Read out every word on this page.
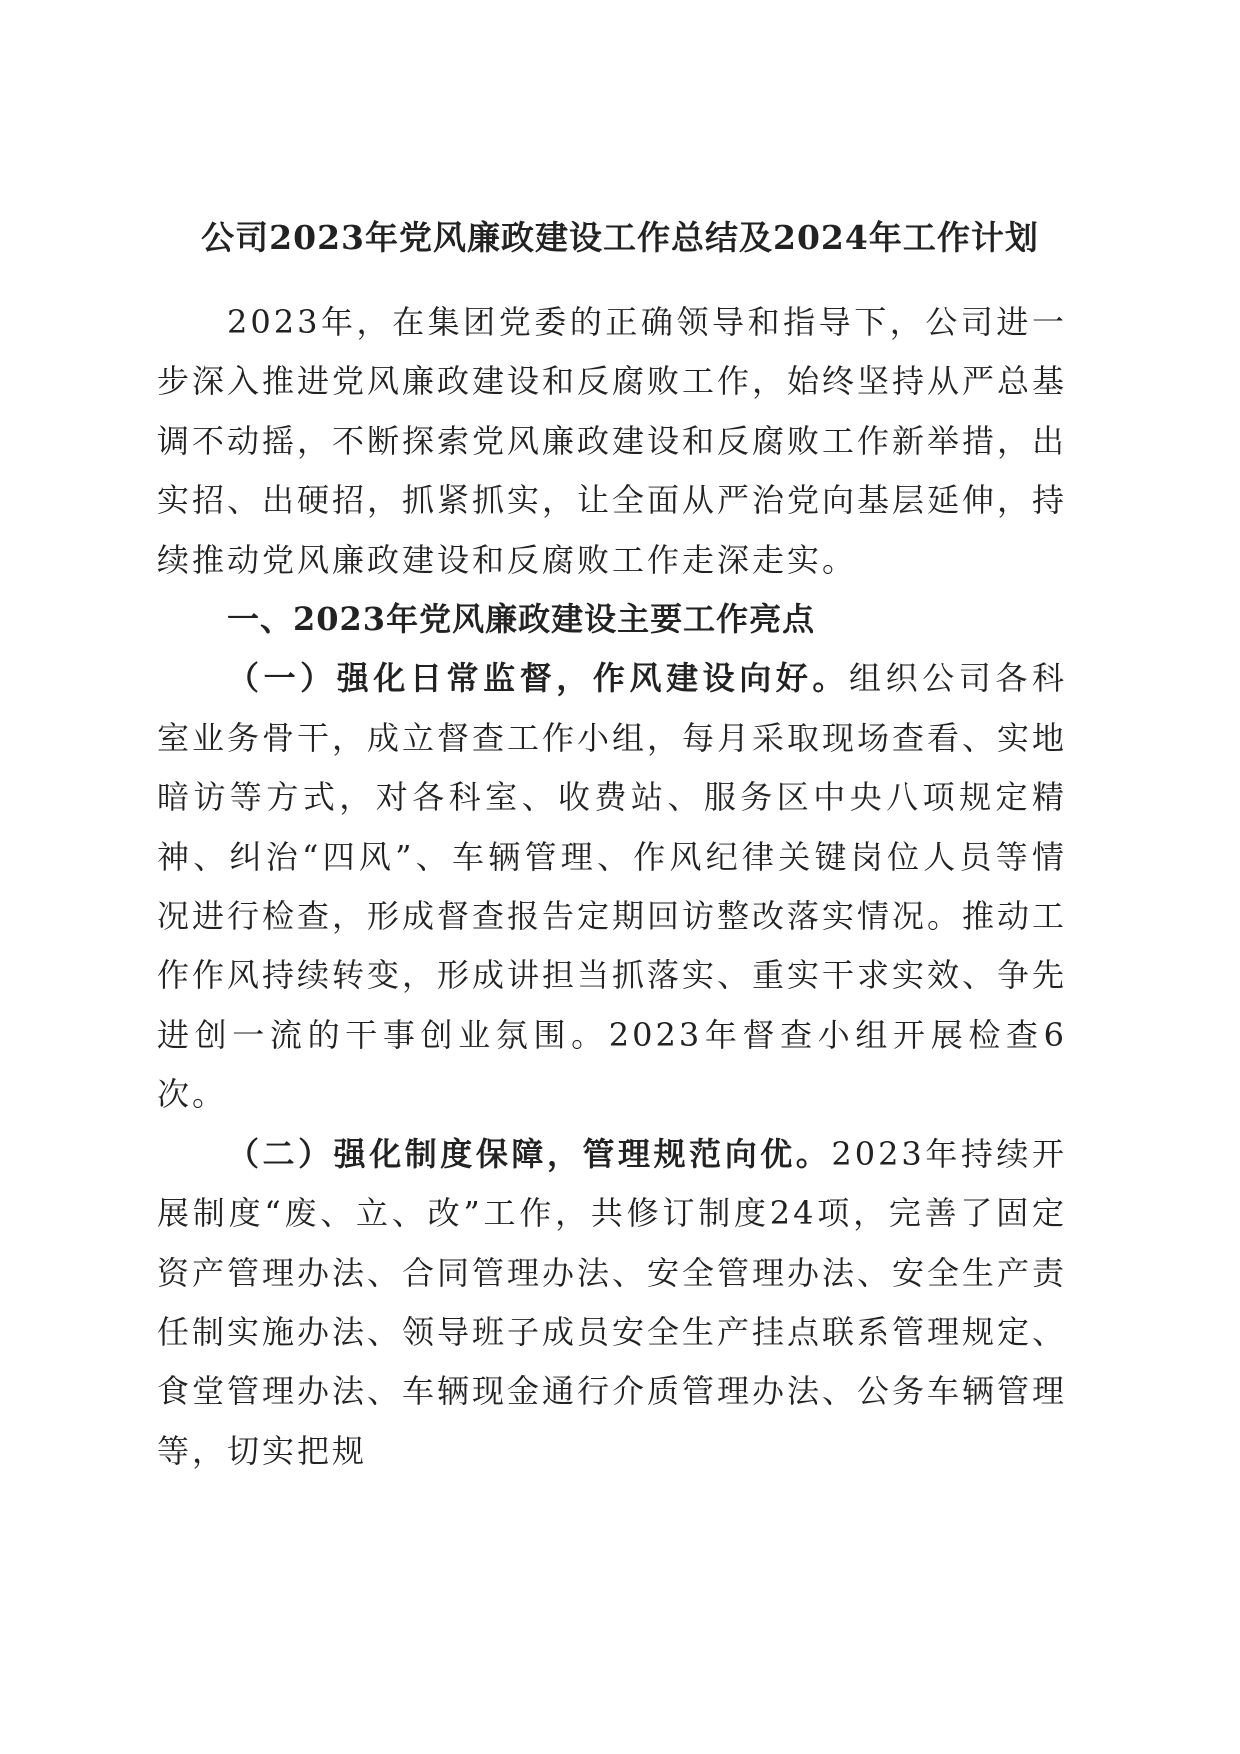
公司2023年党风廉政建设工作总结及2024年工作计划

2023年，在集团党委的正确领导和指导下，公司进一步深入推进党风廉政建设和反腐败工作，始终坚持从严总基调不动摇，不断探索党风廉政建设和反腐败工作新举措，出实招、出硬招，抓紧抓实，让全面从严治党向基层延伸，持续推动党风廉政建设和反腐败工作走深走实。

一、2023年党风廉政建设主要工作亮点

（一）强化日常监督，作风建设向好。组织公司各科室业务骨干，成立督查工作小组，每月采取现场查看、实地暗访等方式，对各科室、收费站、服务区中央八项规定精神、纠治“四风”、车辆管理、作风纪律关键岗位人员等情况进行检查，形成督查报告定期回访整改落实情况。推动工作作风持续转变，形成讲担当抓落实、重实干求实效、争先进创一流的干事创业氛围。2023年督查小组开展检查6次。

（二）强化制度保障，管理规范向优。2023年持续开展制度“废、立、改”工作，共修订制度24项，完善了固定资产管理办法、合同管理办法、安全管理办法、安全生产责任制实施办法、领导班子成员安全生产挂点联系管理规定、食堂管理办法、车辆现金通行介质管理办法、公务车辆管理等，切实把规
